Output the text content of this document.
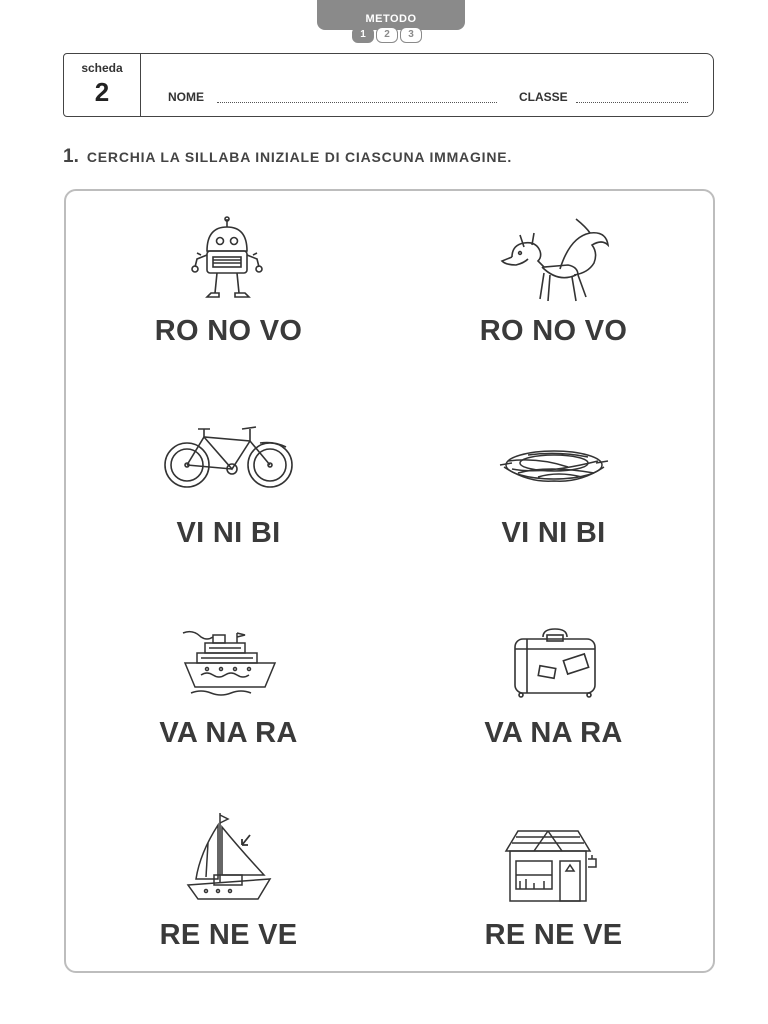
METODO
1	2	3
scheda
2	NOME	CLASSE
1. CERCHIA LA SILLABA INIZIALE DI CIASCUNA IMMAGINE.
RO NO VO	RO NO VO
VI NI BI	VI NI BI
VA NA RA	VA NA RA
RE NE VE	RE NE VE
